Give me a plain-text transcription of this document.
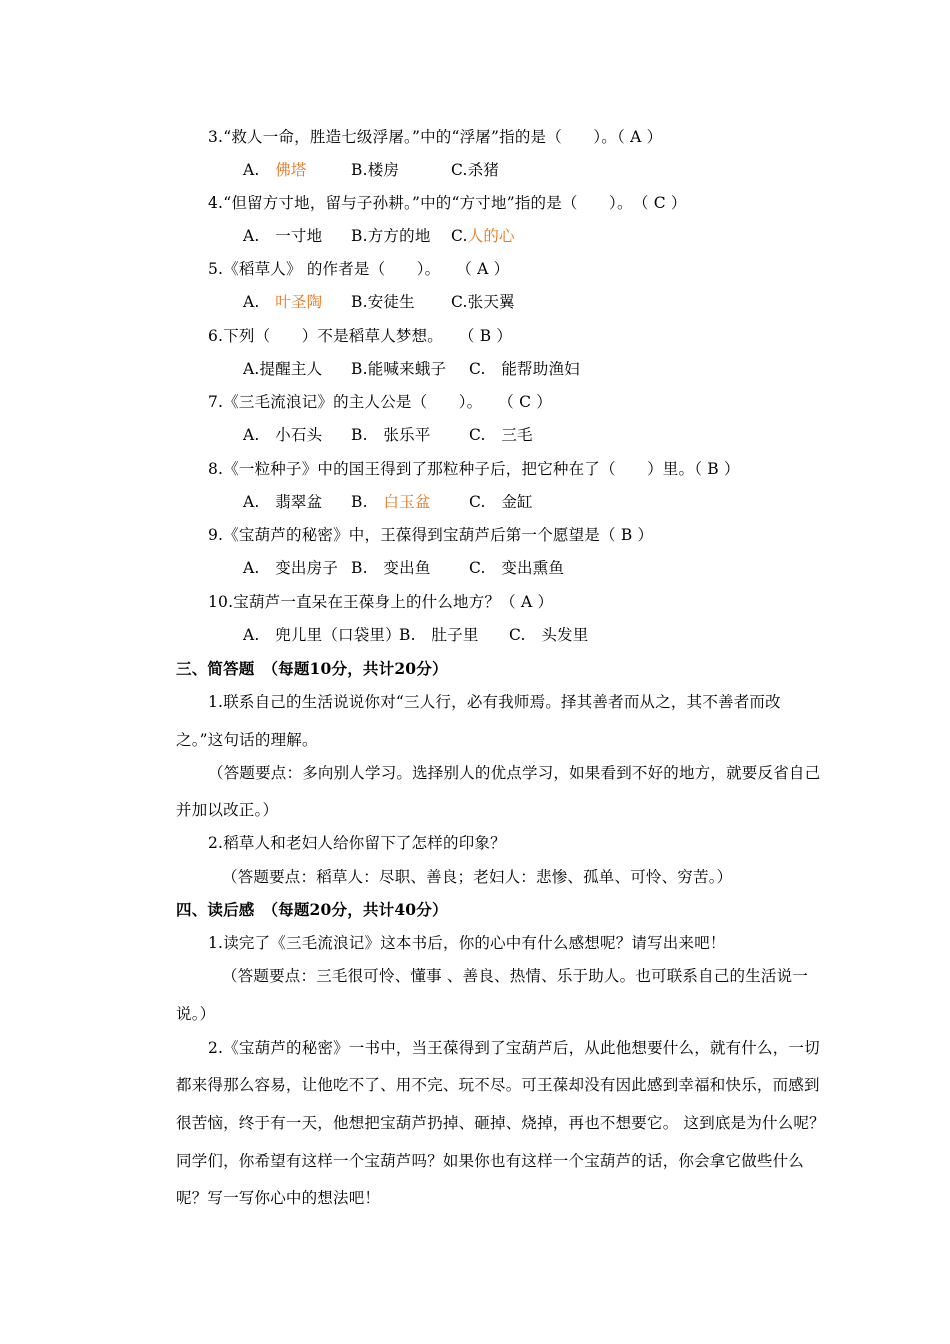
3.“救人一命，胜造七级浮屠。”中的“浮屠”指的是（　　）。（ A ）
A.　佛塔	B.楼房	C.杀猪
4.“但留方寸地，留与子孙耕。”中的“方寸地”指的是（　　）。　（ C ）
A.　一寸地 B.方方的地 C.人的心
5.《稻草人》 的作者是（　　）。　　（ A ）
A.　叶圣陶 B.安徒生 C.张天翼
6.下列（　　）不是稻草人梦想。　　（ B ）
A.提醒主人 B.能喊来蛾子 C.　能帮助渔妇
7.《三毛流浪记》的主人公是（　　）。　　（ C ）
A.　小石头 B.　张乐平 C.　三毛
8.《一粒种子》中的国王得到了那粒种子后，把它种在了（　　）里。（ B ）
A.　翡翠盆 B.　白玉盆 C.　金缸
9.《宝葫芦的秘密》中，王葆得到宝葫芦后第一个愿望是（ B ）
A.　变出房子 B.　变出鱼 C.　变出熏鱼
10.宝葫芦一直呆在王葆身上的什么地方？（ A ）
A.　兜儿里（口袋里）
B.　肚子里 C.　头发里
三、简答题　（每题10分，共计20分）
1.联系自己的生活说说你对“三人行，必有我师焉。择其善者而从之，其不善者而改
之。”这句话的理解。
（答题要点：多向别人学习。选择别人的优点学习，如果看到不好的地方，就要反省自己
并加以改正。）
2.稻草人和老妇人给你留下了怎样的印象？
（答题要点：稻草人：尽职、善良；老妇人：悲惨、孤单、可怜、穷苦。）
四、读后感　（每题20分，共计40分）
1.读完了《三毛流浪记》这本书后，你的心中有什么感想呢？请写出来吧！
（答题要点：三毛很可怜、懂事 、善良、热情、乐于助人。也可联系自己的生活说一
说。）
2.《宝葫芦的秘密》一书中，当王葆得到了宝葫芦后，从此他想要什么，就有什么，一切
都来得那么容易，让他吃不了、用不完、玩不尽。可王葆却没有因此感到幸福和快乐，而感到
很苦恼，终于有一天，他想把宝葫芦扔掉、砸掉、烧掉，再也不想要它。 这到底是为什么呢？
同学们，你希望有这样一个宝葫芦吗？如果你也有这样一个宝葫芦的话，你会拿它做些什么
呢？写一写你心中的想法吧！
